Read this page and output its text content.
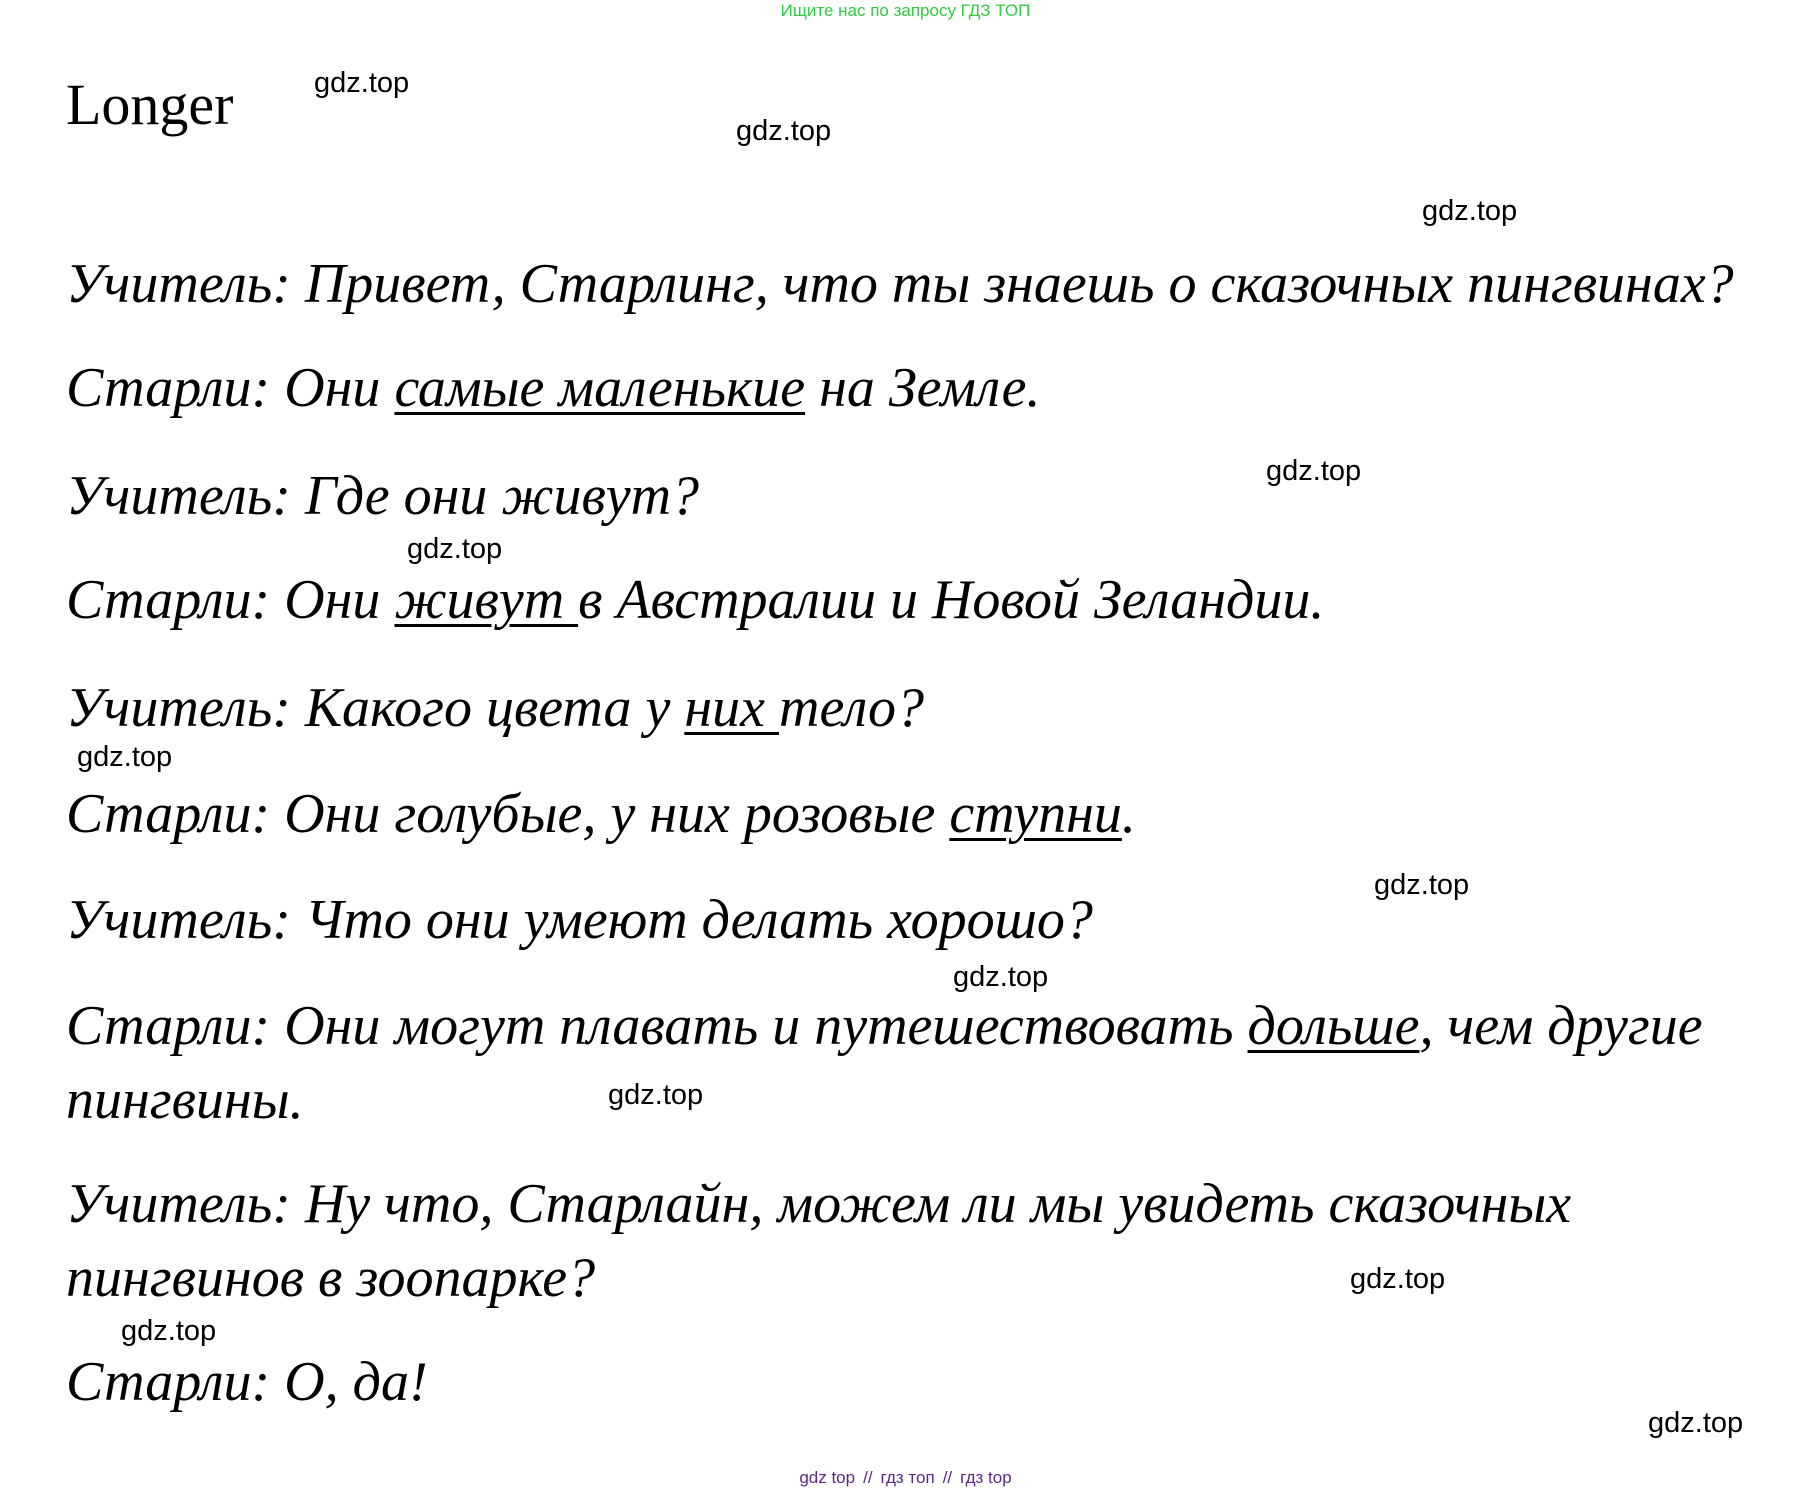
Ищите нас по запросу ГДЗ ТОП
Longer
Учитель: Привет, Старлинг, что ты знаешь о сказочных пингвинах?
Старли: Они самые маленькие на Земле.
Учитель: Где они живут?
Старли: Они живут в Австралии и Новой Зеландии.
Учитель: Какого цвета у них тело?
Старли: Они голубые, у них розовые ступни.
Учитель: Что они умеют делать хорошо?
Старли: Они могут плавать и путешествовать дольше, чем другие
пингвины.
Учитель: Ну что, Старлайн, можем ли мы увидеть сказочных
пингвинов в зоопарке?
Старли: О, да!
gdz.top
gdz.top
gdz.top
gdz.top
gdz.top
gdz.top
gdz.top
gdz.top
gdz.top
gdz.top
gdz.top
gdz.top
gdz top // гдз топ // гдз top
